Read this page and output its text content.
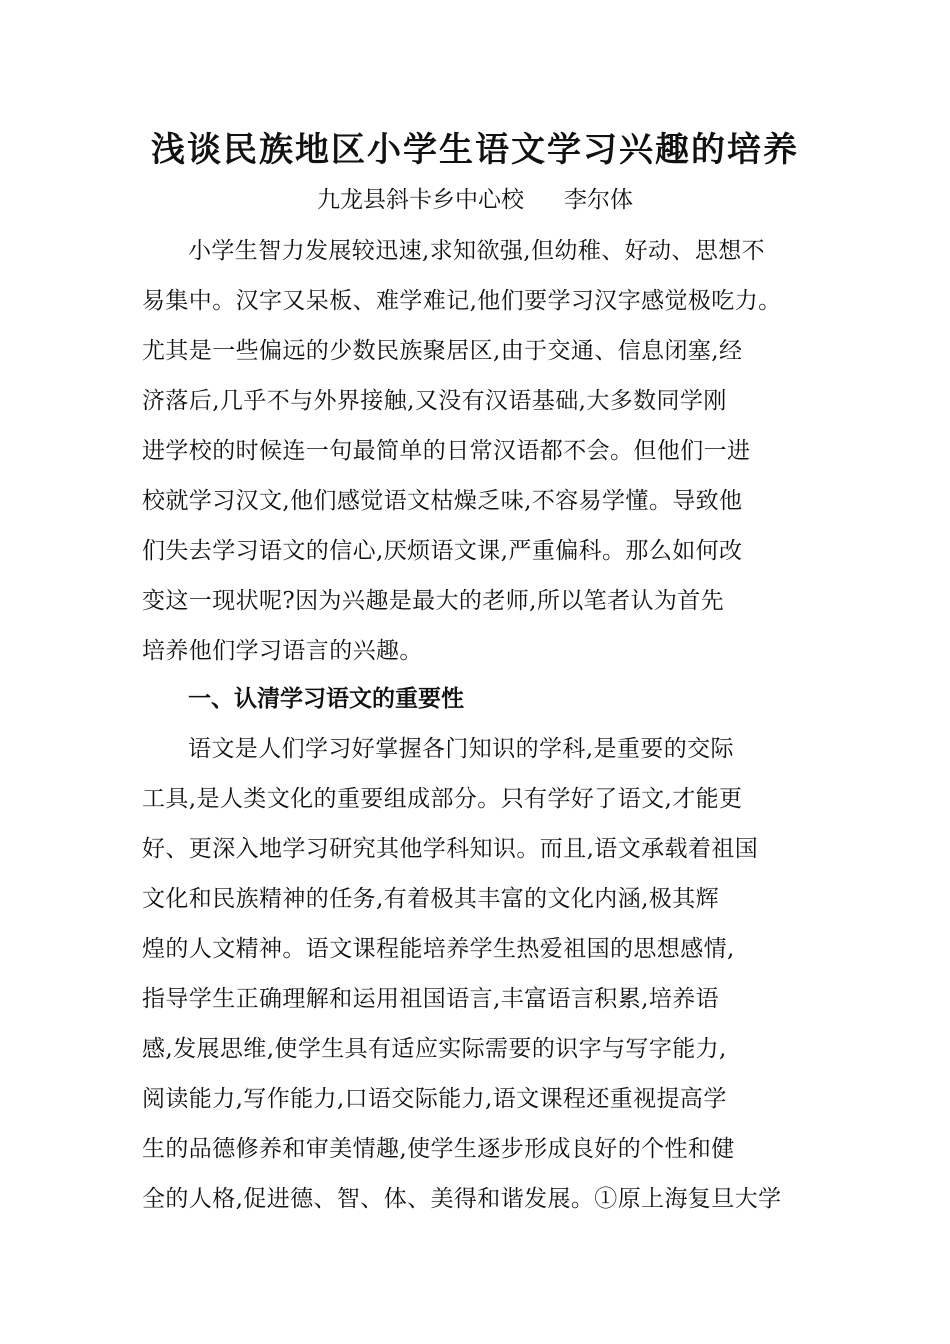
浅谈民族地区小学生语文学习兴趣的培养
九龙县斜卡乡中心校 李尔体
小学生智力发展较迅速,求知欲强,但幼稚、好动、思想不
易集中。汉字又呆板、难学难记,他们要学习汉字感觉极吃力。
尤其是一些偏远的少数民族聚居区,由于交通、信息闭塞,经
济落后,几乎不与外界接触,又没有汉语基础,大多数同学刚
进学校的时候连一句最简单的日常汉语都不会。但他们一进
校就学习汉文,他们感觉语文枯燥乏味,不容易学懂。导致他
们失去学习语文的信心,厌烦语文课,严重偏科。那么如何改
变这一现状呢?因为兴趣是最大的老师,所以笔者认为首先
培养他们学习语言的兴趣。
一、认清学习语文的重要性
语文是人们学习好掌握各门知识的学科,是重要的交际
工具,是人类文化的重要组成部分。只有学好了语文,才能更
好、更深入地学习研究其他学科知识。而且,语文承载着祖国
文化和民族精神的任务,有着极其丰富的文化内涵,极其辉
煌的人文精神。语文课程能培养学生热爱祖国的思想感情,
指导学生正确理解和运用祖国语言,丰富语言积累,培养语
感,发展思维,使学生具有适应实际需要的识字与写字能力,
阅读能力,写作能力,口语交际能力,语文课程还重视提高学
生的品德修养和审美情趣,使学生逐步形成良好的个性和健
全的人格,促进德、智、体、美得和谐发展。①原上海复旦大学
